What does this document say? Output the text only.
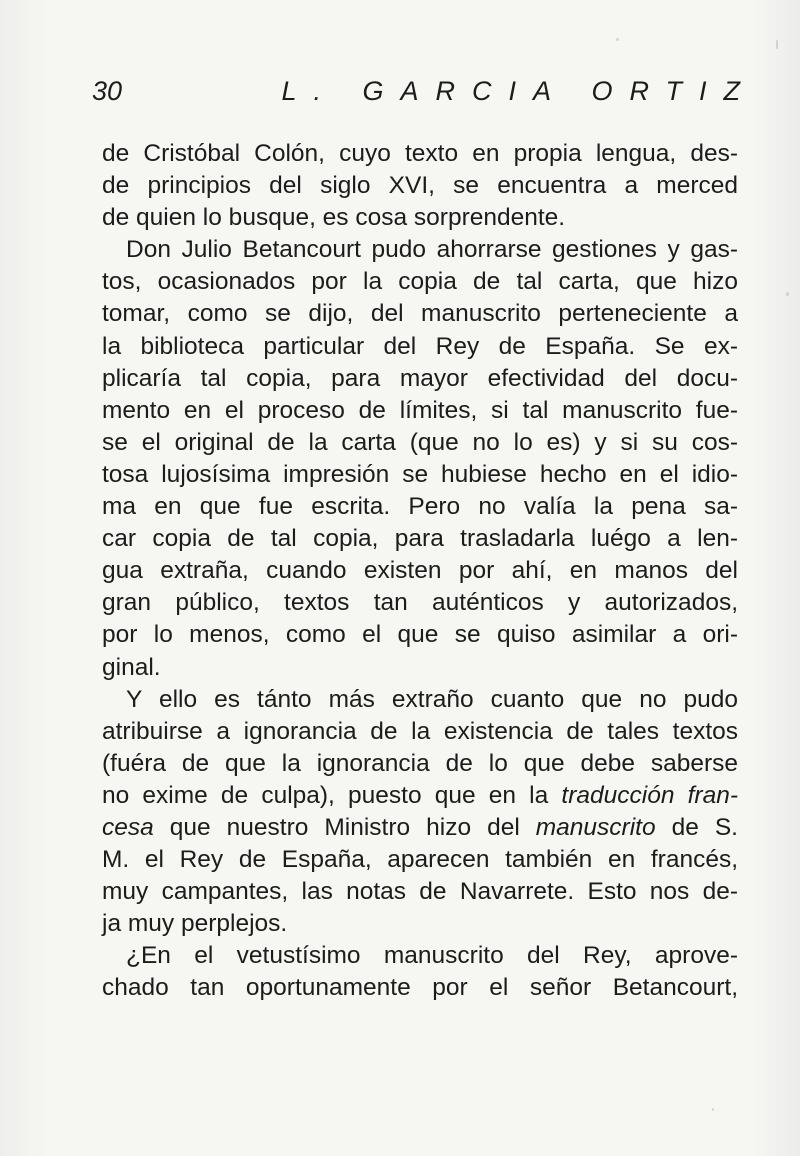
30	L. GARCIA ORTIZ
de Cristóbal Colón, cuyo texto en propia lengua, des-
de principios del siglo XVI, se encuentra a merced
de quien lo busque, es cosa sorprendente.
Don Julio Betancourt pudo ahorrarse gestiones y gas-
tos, ocasionados por la copia de tal carta, que hizo
tomar, como se dijo, del manuscrito perteneciente a
la biblioteca particular del Rey de España. Se ex-
plicaría tal copia, para mayor efectividad del docu-
mento en el proceso de límites, si tal manuscrito fue-
se el original de la carta (que no lo es) y si su cos-
tosa lujosísima impresión se hubiese hecho en el idio-
ma en que fue escrita. Pero no valía la pena sa-
car copia de tal copia, para trasladarla luégo a len-
gua extraña, cuando existen por ahí, en manos del
gran público, textos tan auténticos y autorizados,
por lo menos, como el que se quiso asimilar a ori-
ginal.
Y ello es tánto más extraño cuanto que no pudo
atribuirse a ignorancia de la existencia de tales textos
(fuéra de que la ignorancia de lo que debe saberse
no exime de culpa), puesto que en la traducción fran-
cesa que nuestro Ministro hizo del manuscrito de S.
M. el Rey de España, aparecen también en francés,
muy campantes, las notas de Navarrete. Esto nos de-
ja muy perplejos.
¿En el vetustísimo manuscrito del Rey, aprove-
chado tan oportunamente por el señor Betancourt,
